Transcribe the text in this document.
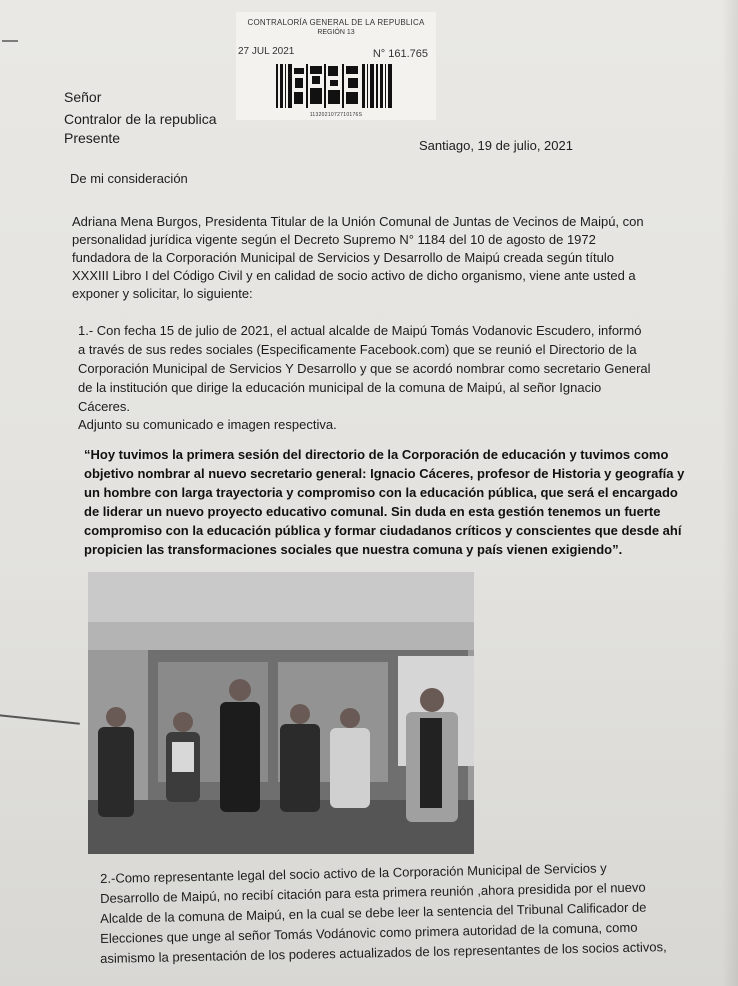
CONTRALORÍA GENERAL DE LA REPUBLICA
REGIÓN 13
27 JUL 2021	N° 161.765
1132021072710176S
Señor
Contralor de la republica
Presente	Santiago, 19 de julio, 2021
De mi consideración
Adriana Mena Burgos, Presidenta Titular de la Unión Comunal de Juntas de Vecinos de Maipú, con
personalidad jurídica vigente según el Decreto Supremo N° 1184 del 10 de agosto de 1972
fundadora de la Corporación Municipal de Servicios y Desarrollo de Maipú creada según título
XXXIII Libro I del Código Civil y en calidad de socio activo de dicho organismo, viene ante usted a
exponer y solicitar, lo siguiente:
1.- Con fecha 15 de julio de 2021, el actual alcalde de Maipú Tomás Vodanovic Escudero, informó
a través de sus redes sociales (Especificamente Facebook.com) que se reunió el Directorio de la
Corporación Municipal de Servicios Y Desarrollo y que se acordó nombrar como secretario General
de la institución que dirige la educación municipal de la comuna de Maipú, al señor Ignacio
Cáceres.
Adjunto su comunicado e imagen respectiva.
“Hoy tuvimos la primera sesión del directorio de la Corporación de educación y tuvimos como
objetivo nombrar al nuevo secretario general: Ignacio Cáceres, profesor de Historia y geografía y
un hombre con larga trayectoria y compromiso con la educación pública, que será el encargado
de liderar un nuevo proyecto educativo comunal. Sin duda en esta gestión tenemos un fuerte
compromiso con la educación pública y formar ciudadanos críticos y conscientes que desde ahí
propicien las transformaciones sociales que nuestra comuna y país vienen exigiendo”.
2.-Como representante legal del socio activo de la Corporación Municipal de Servicios y
Desarrollo de Maipú, no recibí citación para esta primera reunión ,ahora presidida por el nuevo
Alcalde de la comuna de Maipú, en la cual se debe leer la sentencia del Tribunal Calificador de
Elecciones que unge al señor Tomás Vodánovic como primera autoridad de la comuna, como
asimismo la presentación de los poderes actualizados de los representantes de los socios activos,
